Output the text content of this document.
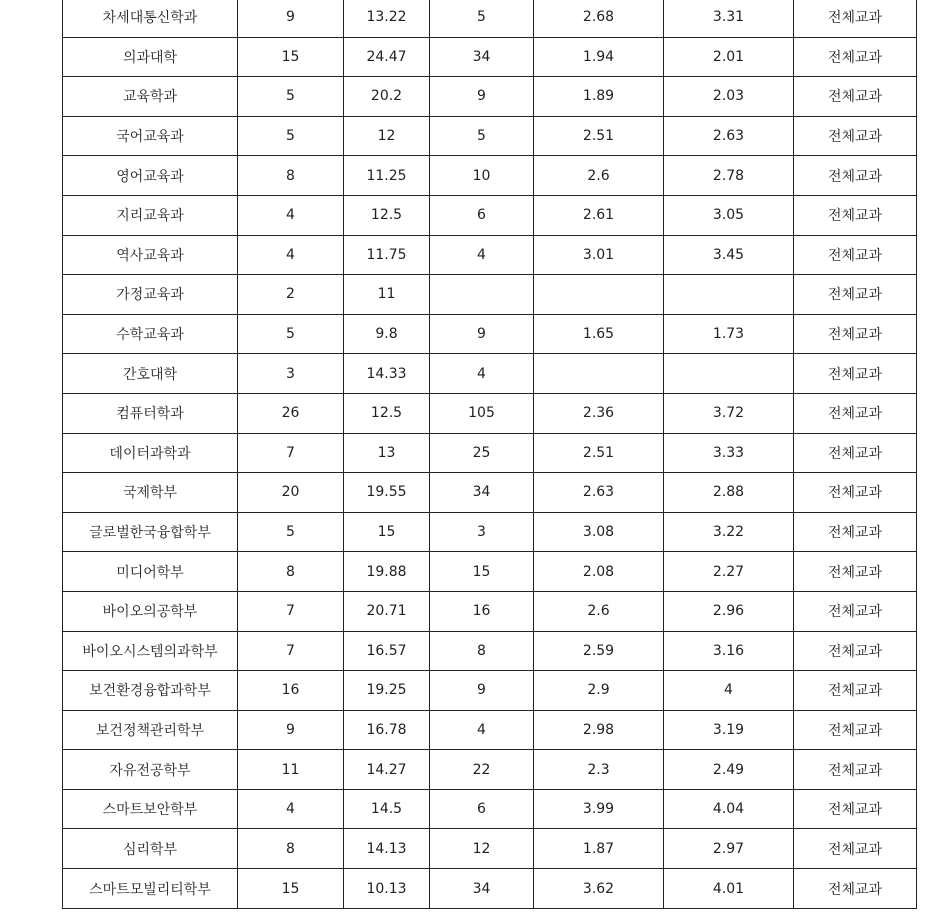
차세대통신학과	9	13.22	5	2.68	3.31	전체교과
의과대학	15	24.47	34	1.94	2.01	전체교과
교육학과	5	20.2	9	1.89	2.03	전체교과
국어교육과	5	12	5	2.51	2.63	전체교과
영어교육과	8	11.25	10	2.6	2.78	전체교과
지리교육과	4	12.5	6	2.61	3.05	전체교과
역사교육과	4	11.75	4	3.01	3.45	전체교과
가정교육과	2	11				전체교과
수학교육과	5	9.8	9	1.65	1.73	전체교과
간호대학	3	14.33	4			전체교과
컴퓨터학과	26	12.5	105	2.36	3.72	전체교과
데이터과학과	7	13	25	2.51	3.33	전체교과
국제학부	20	19.55	34	2.63	2.88	전체교과
글로벌한국융합학부	5	15	3	3.08	3.22	전체교과
미디어학부	8	19.88	15	2.08	2.27	전체교과
바이오의공학부	7	20.71	16	2.6	2.96	전체교과
바이오시스템의과학부	7	16.57	8	2.59	3.16	전체교과
보건환경융합과학부	16	19.25	9	2.9	4	전체교과
보건정책관리학부	9	16.78	4	2.98	3.19	전체교과
자유전공학부	11	14.27	22	2.3	2.49	전체교과
스마트보안학부	4	14.5	6	3.99	4.04	전체교과
심리학부	8	14.13	12	1.87	2.97	전체교과
스마트모빌리티학부	15	10.13	34	3.62	4.01	전체교과
